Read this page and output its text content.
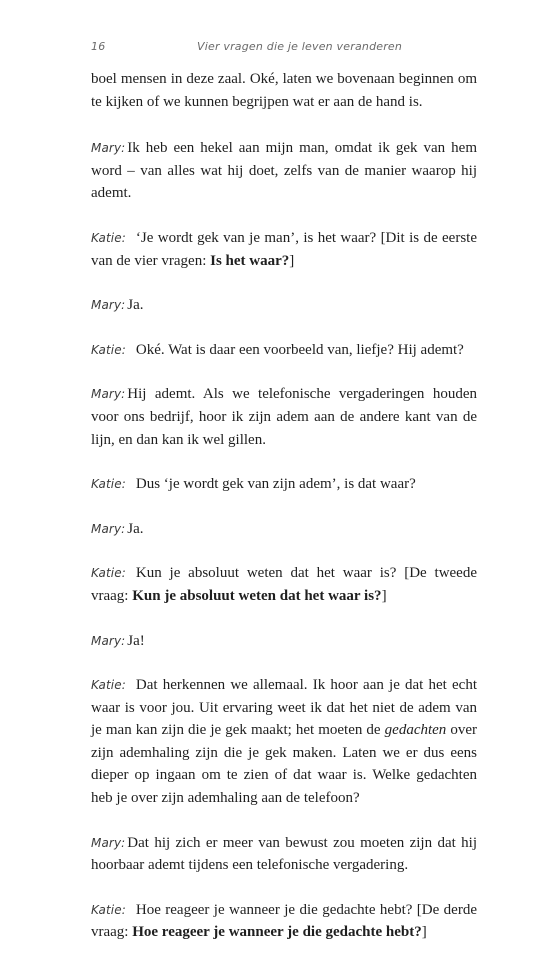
16	Vier vragen die je leven veranderen

boel mensen in deze zaal. Oké, laten we bovenaan beginnen om te kijken of we kunnen begrijpen wat er aan de hand is.

Mary: Ik heb een hekel aan mijn man, omdat ik gek van hem word – van alles wat hij doet, zelfs van de manier waarop hij ademt.

Katie: ‘Je wordt gek van je man’, is het waar? [Dit is de eerste van de vier vragen: Is het waar?]

Mary: Ja.

Katie: Oké. Wat is daar een voorbeeld van, liefje? Hij ademt?

Mary: Hij ademt. Als we telefonische vergaderingen houden voor ons bedrijf, hoor ik zijn adem aan de andere kant van de lijn, en dan kan ik wel gillen.

Katie: Dus ‘je wordt gek van zijn adem’, is dat waar?

Mary: Ja.

Katie: Kun je absoluut weten dat het waar is? [De tweede vraag: Kun je absoluut weten dat het waar is?]

Mary: Ja!

Katie: Dat herkennen we allemaal. Ik hoor aan je dat het echt waar is voor jou. Uit ervaring weet ik dat het niet de adem van je man kan zijn die je gek maakt; het moeten de gedachten over zijn ademhaling zijn die je gek maken. Laten we er dus eens dieper op ingaan om te zien of dat waar is. Welke gedachten heb je over zijn ademhaling aan de telefoon?

Mary: Dat hij zich er meer van bewust zou moeten zijn dat hij hoorbaar ademt tijdens een telefonische vergadering.

Katie: Hoe reageer je wanneer je die gedachte hebt? [De derde vraag: Hoe reageer je wanneer je die gedachte hebt?]
